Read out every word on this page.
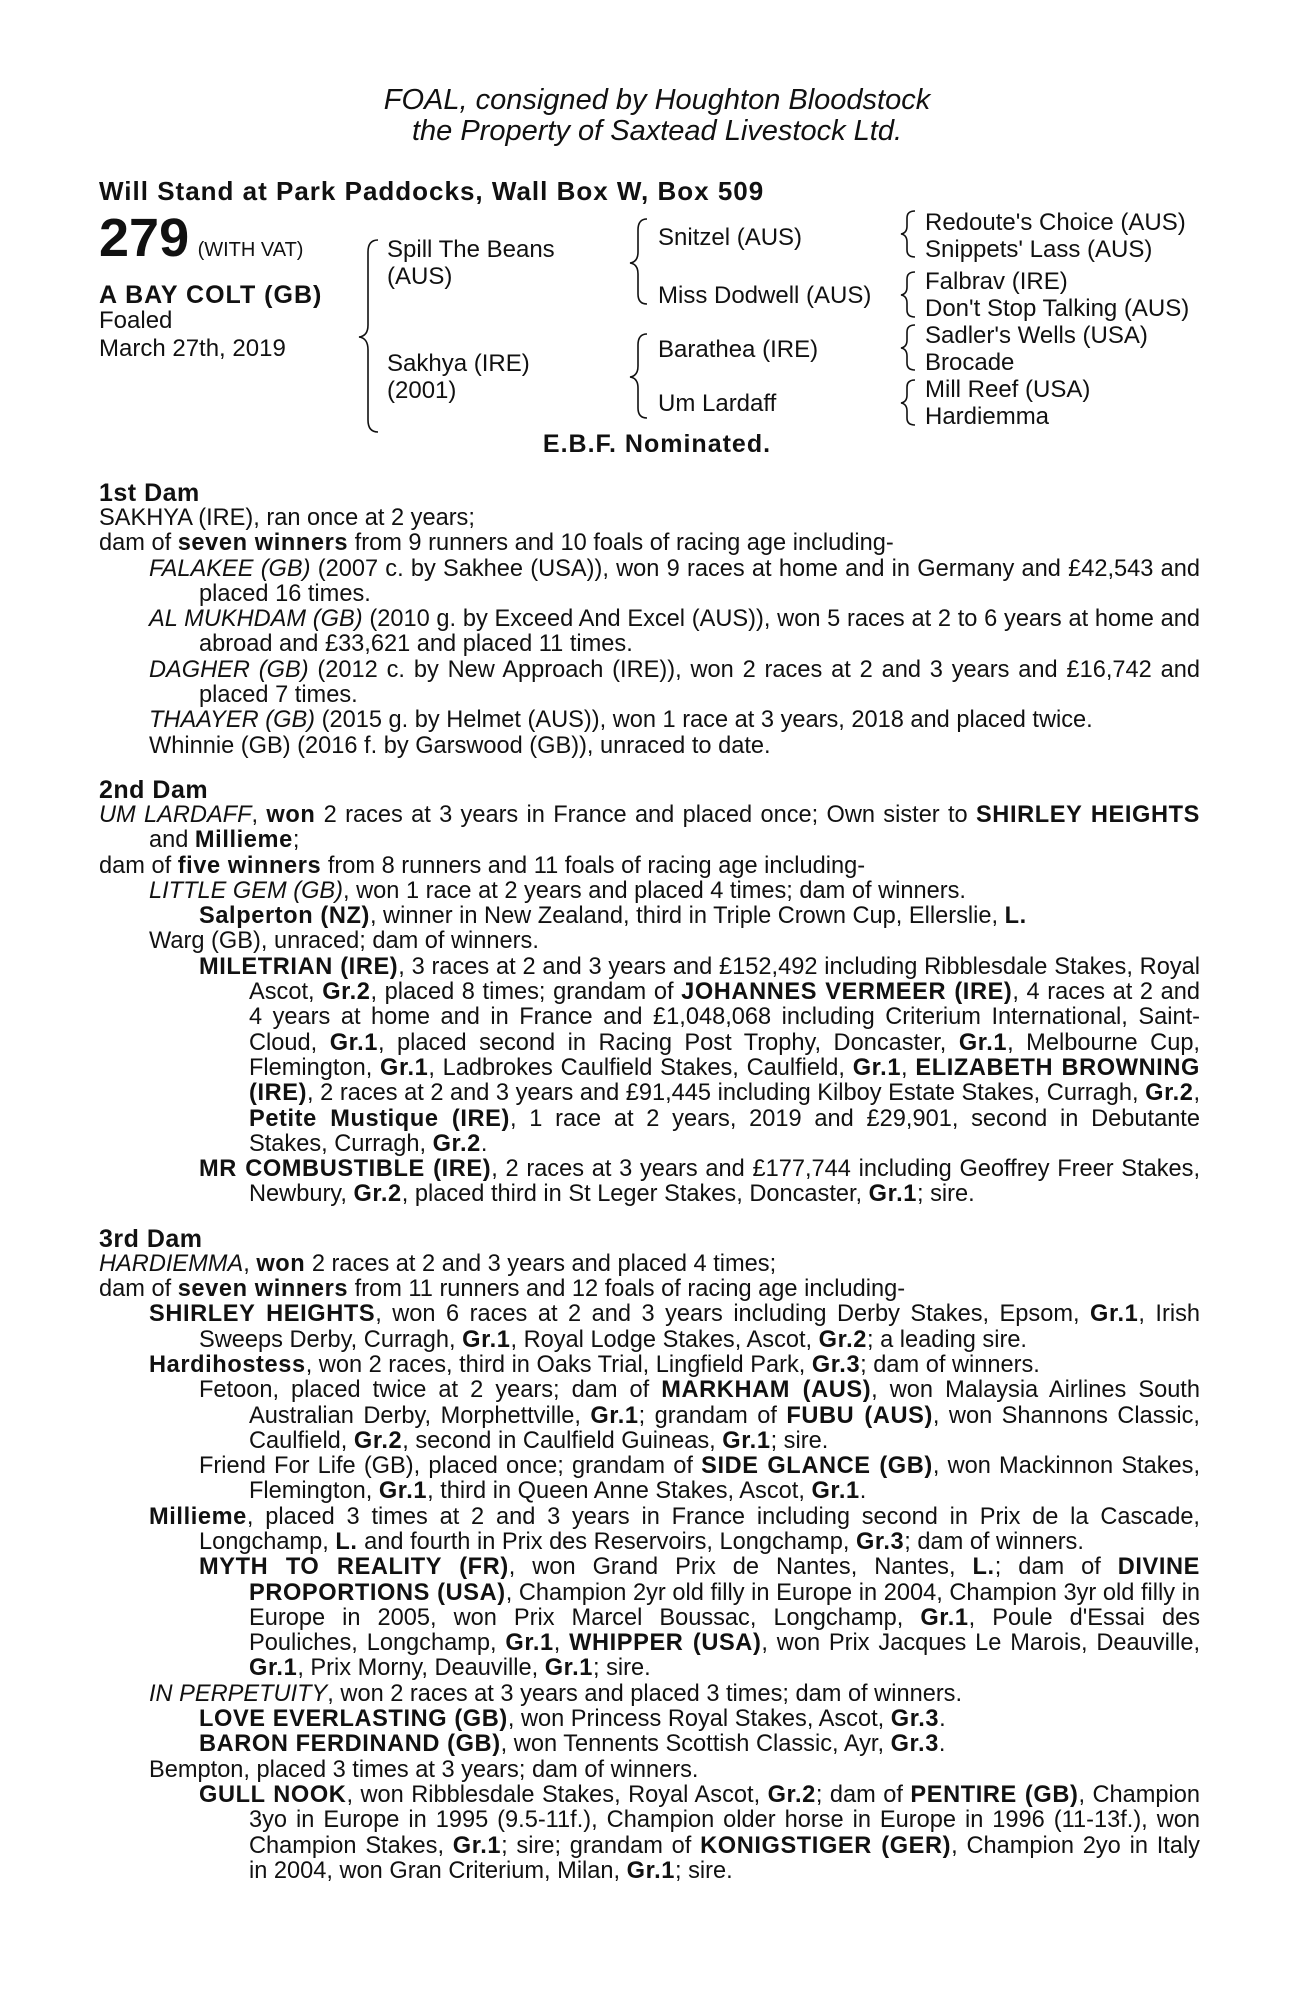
FOAL, consigned by Houghton Bloodstock
the Property of Saxtead Livestock Ltd.
Will Stand at Park Paddocks, Wall Box W, Box 509
279 (WITH VAT)
A BAY COLT (GB)
Foaled
March 27th, 2019
Spill The Beans
(AUS)
Sakhya (IRE)
(2001)
Snitzel (AUS)
Miss Dodwell (AUS)
Barathea (IRE)
Um Lardaff
Redoute's Choice (AUS)
Snippets' Lass (AUS)
Falbrav (IRE)
Don't Stop Talking (AUS)
Sadler's Wells (USA)
Brocade
Mill Reef (USA)
Hardiemma
E.B.F. Nominated.
1st Dam
SAKHYA (IRE), ran once at 2 years;
dam of seven winners from 9 runners and 10 foals of racing age including-
FALAKEE (GB) (2007 c. by Sakhee (USA)), won 9 races at home and in Germany and £42,543 and placed 16 times.
AL MUKHDAM (GB) (2010 g. by Exceed And Excel (AUS)), won 5 races at 2 to 6 years at home and abroad and £33,621 and placed 11 times.
DAGHER (GB) (2012 c. by New Approach (IRE)), won 2 races at 2 and 3 years and £16,742 and placed 7 times.
THAAYER (GB) (2015 g. by Helmet (AUS)), won 1 race at 3 years, 2018 and placed twice.
Whinnie (GB) (2016 f. by Garswood (GB)), unraced to date.
2nd Dam
UM LARDAFF, won 2 races at 3 years in France and placed once; Own sister to SHIRLEY HEIGHTS and Millieme;
dam of five winners from 8 runners and 11 foals of racing age including-
LITTLE GEM (GB), won 1 race at 2 years and placed 4 times; dam of winners.
Salperton (NZ), winner in New Zealand, third in Triple Crown Cup, Ellerslie, L.
Warg (GB), unraced; dam of winners.
MILETRIAN (IRE), 3 races at 2 and 3 years and £152,492 including Ribblesdale Stakes, Royal Ascot, Gr.2, placed 8 times; grandam of JOHANNES VERMEER (IRE), 4 races at 2 and 4 years at home and in France and £1,048,068 including Criterium International, Saint-Cloud, Gr.1, placed second in Racing Post Trophy, Doncaster, Gr.1, Melbourne Cup, Flemington, Gr.1, Ladbrokes Caulfield Stakes, Caulfield, Gr.1, ELIZABETH BROWNING (IRE), 2 races at 2 and 3 years and £91,445 including Kilboy Estate Stakes, Curragh, Gr.2, Petite Mustique (IRE), 1 race at 2 years, 2019 and £29,901, second in Debutante Stakes, Curragh, Gr.2.
MR COMBUSTIBLE (IRE), 2 races at 3 years and £177,744 including Geoffrey Freer Stakes, Newbury, Gr.2, placed third in St Leger Stakes, Doncaster, Gr.1; sire.
3rd Dam
HARDIEMMA, won 2 races at 2 and 3 years and placed 4 times;
dam of seven winners from 11 runners and 12 foals of racing age including-
SHIRLEY HEIGHTS, won 6 races at 2 and 3 years including Derby Stakes, Epsom, Gr.1, Irish Sweeps Derby, Curragh, Gr.1, Royal Lodge Stakes, Ascot, Gr.2; a leading sire.
Hardihostess, won 2 races, third in Oaks Trial, Lingfield Park, Gr.3; dam of winners.
Fetoon, placed twice at 2 years; dam of MARKHAM (AUS), won Malaysia Airlines South Australian Derby, Morphettville, Gr.1; grandam of FUBU (AUS), won Shannons Classic, Caulfield, Gr.2, second in Caulfield Guineas, Gr.1; sire.
Friend For Life (GB), placed once; grandam of SIDE GLANCE (GB), won Mackinnon Stakes, Flemington, Gr.1, third in Queen Anne Stakes, Ascot, Gr.1.
Millieme, placed 3 times at 2 and 3 years in France including second in Prix de la Cascade, Longchamp, L. and fourth in Prix des Reservoirs, Longchamp, Gr.3; dam of winners.
MYTH TO REALITY (FR), won Grand Prix de Nantes, Nantes, L.; dam of DIVINE PROPORTIONS (USA), Champion 2yr old filly in Europe in 2004, Champion 3yr old filly in Europe in 2005, won Prix Marcel Boussac, Longchamp, Gr.1, Poule d'Essai des Pouliches, Longchamp, Gr.1, WHIPPER (USA), won Prix Jacques Le Marois, Deauville, Gr.1, Prix Morny, Deauville, Gr.1; sire.
IN PERPETUITY, won 2 races at 3 years and placed 3 times; dam of winners.
LOVE EVERLASTING (GB), won Princess Royal Stakes, Ascot, Gr.3.
BARON FERDINAND (GB), won Tennents Scottish Classic, Ayr, Gr.3.
Bempton, placed 3 times at 3 years; dam of winners.
GULL NOOK, won Ribblesdale Stakes, Royal Ascot, Gr.2; dam of PENTIRE (GB), Champion 3yo in Europe in 1995 (9.5-11f.), Champion older horse in Europe in 1996 (11-13f.), won Champion Stakes, Gr.1; sire; grandam of KONIGSTIGER (GER), Champion 2yo in Italy in 2004, won Gran Criterium, Milan, Gr.1; sire.
